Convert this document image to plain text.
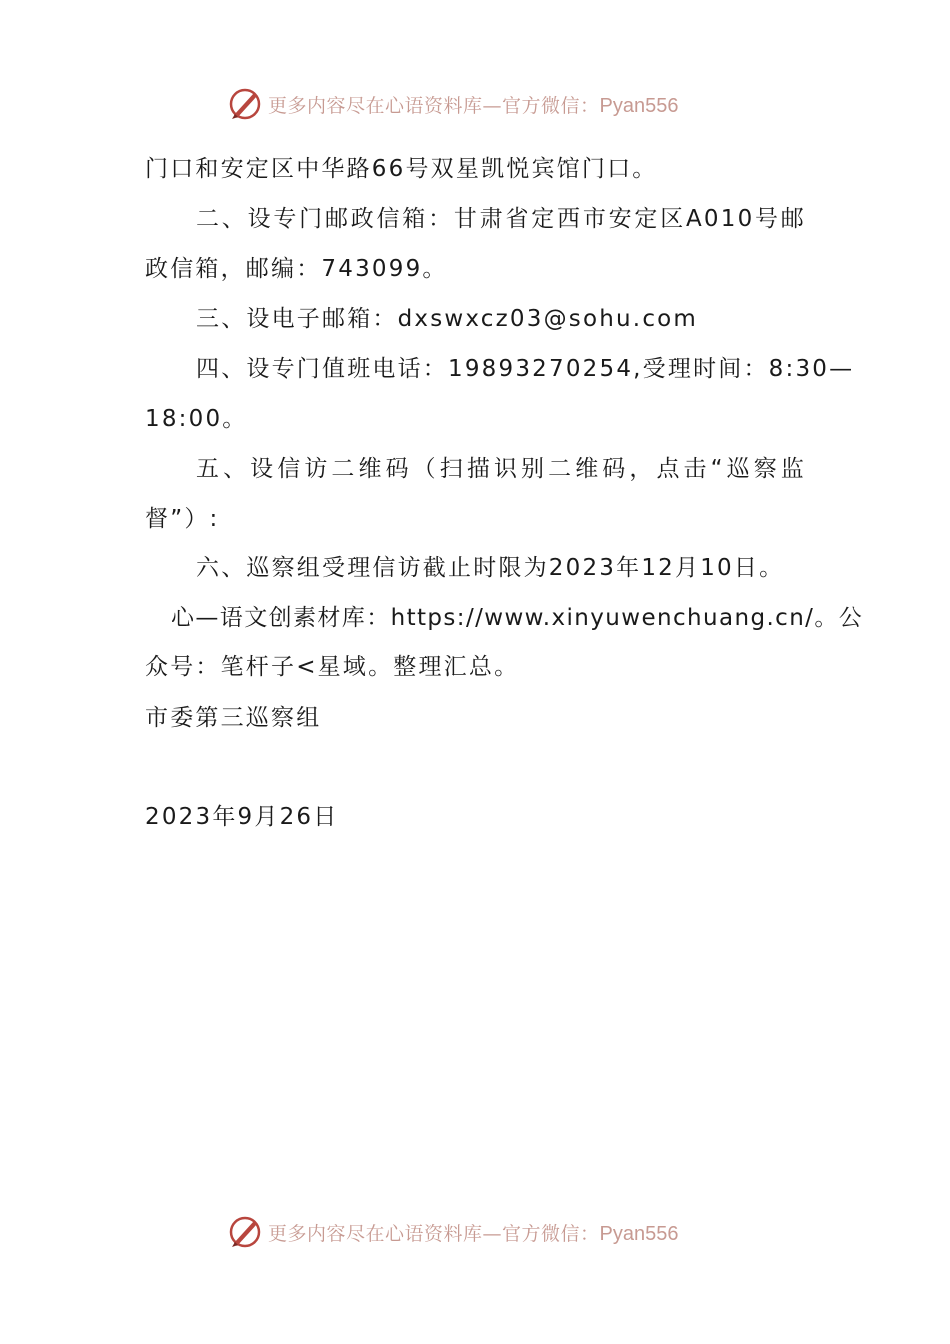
更多内容尽在心语资料库—官方微信：Pyan556
门口和安定区中华路66号双星凯悦宾馆门口。
二、设专门邮政信箱：甘肃省定西市安定区A010号邮
政信箱，邮编：743099。
三、设电子邮箱：dxswxcz03@sohu.com
四、设专门值班电话：19893270254,受理时间：8:30—
18:00。
五、设信访二维码（扫描识别二维码，点击“巡察监
督”）:
六、巡察组受理信访截止时限为2023年12月10日。
心—语文创素材库：https://www.xinyuwenchuang.cn/。公
众号：笔杆子<星域。整理汇总。
市委第三巡察组
2023年9月26日
更多内容尽在心语资料库—官方微信：Pyan556
